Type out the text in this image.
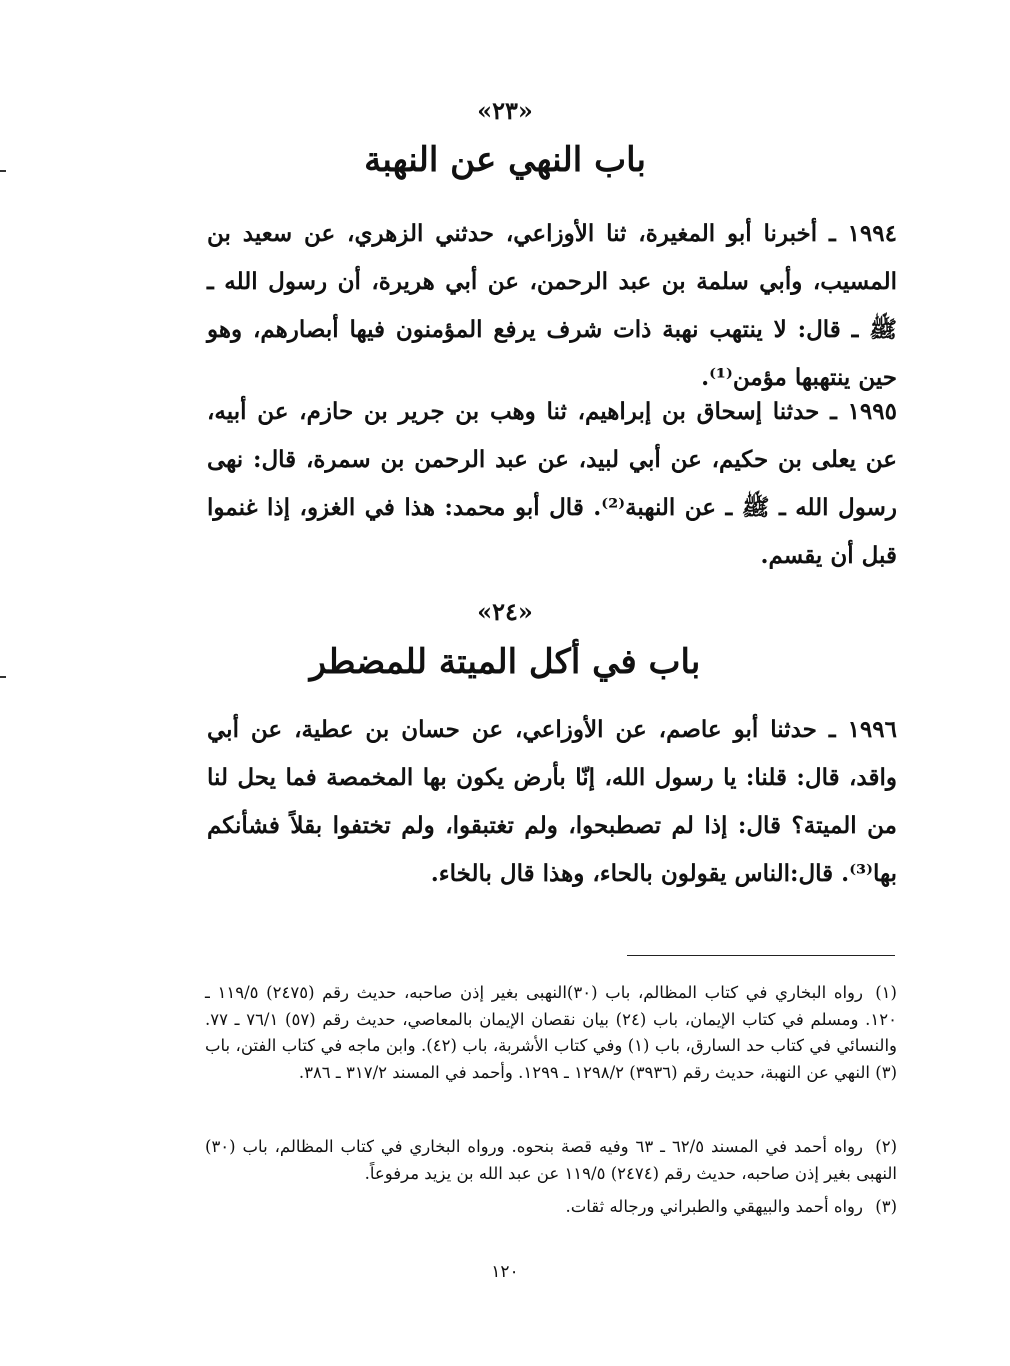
«٢٣»
باب النهي عن النهبة
١٩٩٤ ـ أخبرنا أبو المغيرة، ثنا الأوزاعي، حدثني الزهري، عن سعيد بن المسيب، وأبي سلمة بن عبد الرحمن، عن أبي هريرة، أن رسول الله ـ ﷺ ـ قال: لا ينتهب نهبة ذات شرف يرفع المؤمنون فيها أبصارهم، وهو حين ينتهبها مؤمن⁽¹⁾.
١٩٩٥ ـ حدثنا إسحاق بن إبراهيم، ثنا وهب بن جرير بن حازم، عن أبيه، عن يعلى بن حكيم، عن أبي لبيد، عن عبد الرحمن بن سمرة، قال: نهى رسول الله ـ ﷺ ـ عن النهبة⁽²⁾. قال أبو محمد: هذا في الغزو، إذا غنموا قبل أن يقسم.
«٢٤»
باب في أكل الميتة للمضطر
١٩٩٦ ـ حدثنا أبو عاصم، عن الأوزاعي، عن حسان بن عطية، عن أبي واقد، قال: قلنا: يا رسول الله، إنّا بأرض يكون بها المخمصة فما يحل لنا من الميتة؟ قال: إذا لم تصطبحوا، ولم تغتبقوا، ولم تختفوا بقلاً فشأنكم بها⁽³⁾. قال:الناس يقولون بالحاء، وهذا قال بالخاء.
(١)رواه البخاري في كتاب المظالم، باب (٣٠)النهبى بغير إذن صاحبه، حديث رقم (٢٤٧٥) ١١٩/٥ ـ ١٢٠. ومسلم في كتاب الإيمان، باب (٢٤) بيان نقصان الإيمان بالمعاصي، حديث رقم (٥٧) ٧٦/١ ـ ٧٧. والنسائي في كتاب حد السارق، باب (١) وفي كتاب الأشربة، باب (٤٢). وابن ماجه في كتاب الفتن، باب (٣) النهي عن النهبة، حديث رقم (٣٩٣٦) ١٢٩٨/٢ ـ ١٢٩٩. وأحمد في المسند ٣١٧/٢ ـ ٣٨٦.
(٢)رواه أحمد في المسند ٦٢/٥ ـ ٦٣ وفيه قصة بنحوه. ورواه البخاري في كتاب المظالم، باب (٣٠) النهبى بغير إذن صاحبه، حديث رقم (٢٤٧٤) ١١٩/٥ عن عبد الله بن يزيد مرفوعاً.
(٣)رواه أحمد والبيهقي والطبراني ورجاله ثقات.
١٢٠
